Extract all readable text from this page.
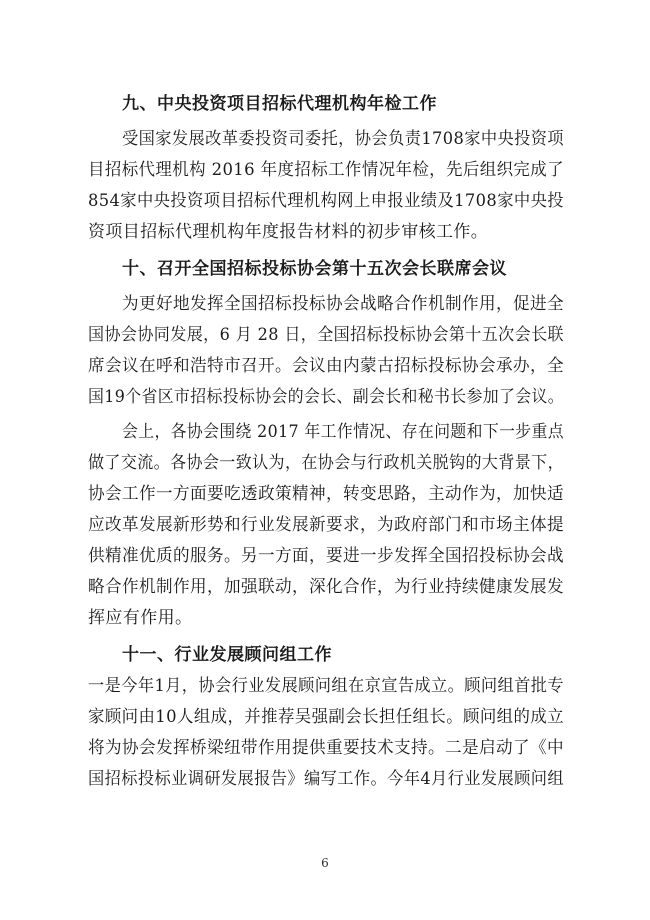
九、中央投资项目招标代理机构年检工作
受国家发展改革委投资司委托，协会负责1708家中央投资项
目招标代理机构 2016 年度招标工作情况年检，先后组织完成了
854家中央投资项目招标代理机构网上申报业绩及1708家中央投
资项目招标代理机构年度报告材料的初步审核工作。
十、召开全国招标投标协会第十五次会长联席会议
为更好地发挥全国招标投标协会战略合作机制作用，促进全
国协会协同发展，6 月 28 日，全国招标投标协会第十五次会长联
席会议在呼和浩特市召开。会议由内蒙古招标投标协会承办，全
国19个省区市招标投标协会的会长、副会长和秘书长参加了会议。
会上，各协会围绕 2017 年工作情况、存在问题和下一步重点
做了交流。各协会一致认为，在协会与行政机关脱钩的大背景下，
协会工作一方面要吃透政策精神，转变思路，主动作为，加快适
应改革发展新形势和行业发展新要求，为政府部门和市场主体提
供精准优质的服务。另一方面，要进一步发挥全国招投标协会战
略合作机制作用，加强联动，深化合作，为行业持续健康发展发
挥应有作用。
十一、行业发展顾问组工作
一是今年1月，协会行业发展顾问组在京宣告成立。顾问组首批专
家顾问由10人组成，并推荐吴强副会长担任组长。顾问组的成立
将为协会发挥桥梁纽带作用提供重要技术支持。二是启动了《中
国招标投标业调研发展报告》编写工作。今年4月行业发展顾问组
6
